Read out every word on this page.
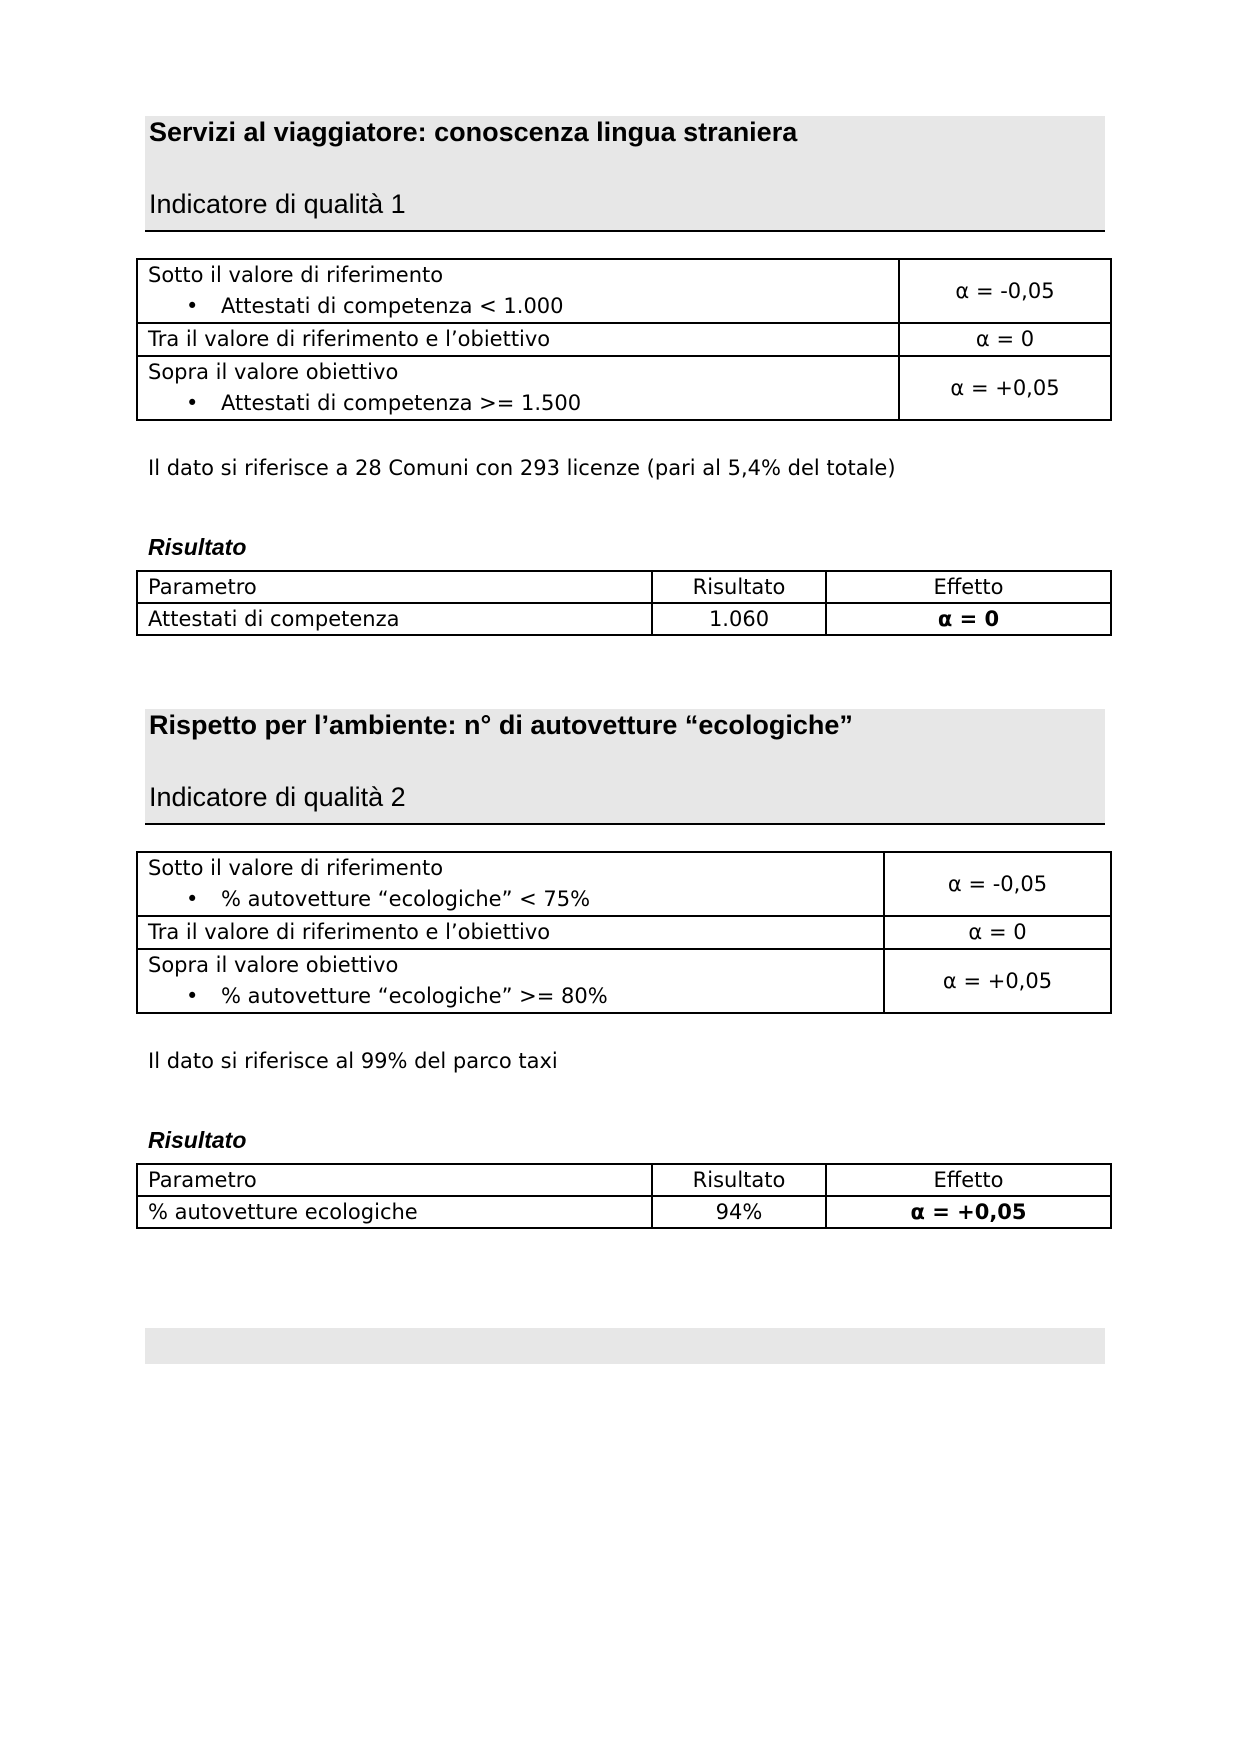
Servizi al viaggiatore: conoscenza lingua straniera
Indicatore di qualità 1
Sotto il valore di riferimento
• Attestati di competenza < 1.000	α = -0,05
Tra il valore di riferimento e l’obiettivo	α = 0
Sopra il valore obiettivo
• Attestati di competenza >= 1.500	α = +0,05
Il dato si riferisce a 28 Comuni con 293 licenze (pari al 5,4% del totale)
Risultato
Parametro	Risultato	Effetto
Attestati di competenza	1.060	α = 0
Rispetto per l’ambiente: n° di autovetture “ecologiche”
Indicatore di qualità 2
Sotto il valore di riferimento
• % autovetture “ecologiche” < 75%	α = -0,05
Tra il valore di riferimento e l’obiettivo	α = 0
Sopra il valore obiettivo
• % autovetture “ecologiche” >= 80%	α = +0,05
Il dato si riferisce al 99% del parco taxi
Risultato
Parametro	Risultato	Effetto
% autovetture ecologiche	94%	α = +0,05
